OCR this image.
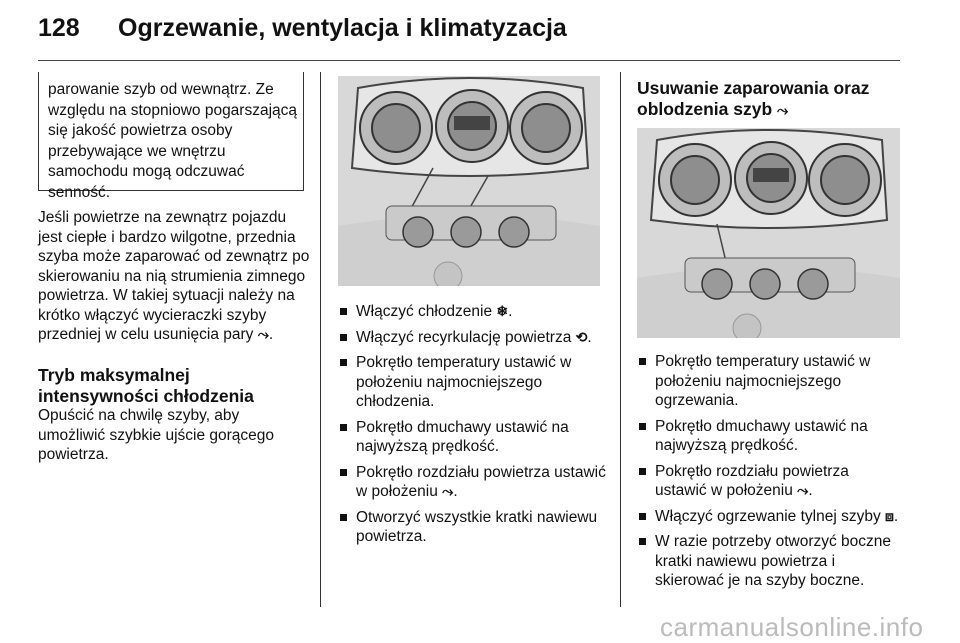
128 Ogrzewanie, wentylacja i klimatyzacja
parowanie szyb od wewnątrz. Ze względu na stopniowo pogarszającą się jakość powietrza osoby przebywające we wnętrzu samochodu mogą odczuwać senność.
Jeśli powietrze na zewnątrz pojazdu jest ciepłe i bardzo wilgotne, przednia szyba może zaparować od zewnątrz po skierowaniu na nią strumienia zimnego powietrza. W takiej sytuacji należy na krótko włączyć wycieraczki szyby przedniej w celu usunięcia pary ⤳.
Tryb maksymalnej intensywności chłodzenia
Opuścić na chwilę szyby, aby umożliwić szybkie ujście gorącego powietrza.
Włączyć chłodzenie ❄.
Włączyć recyrkulację powietrza ⟲.
Pokrętło temperatury ustawić w położeniu najmocniejszego chłodzenia.
Pokrętło dmuchawy ustawić na najwyższą prędkość.
Pokrętło rozdziału powietrza ustawić w położeniu ⤳.
Otworzyć wszystkie kratki nawiewu powietrza.
Usuwanie zaparowania oraz oblodzenia szyb ⤳
Pokrętło temperatury ustawić w położeniu najmocniejszego ogrzewania.
Pokrętło dmuchawy ustawić na najwyższą prędkość.
Pokrętło rozdziału powietrza ustawić w położeniu ⤳.
Włączyć ogrzewanie tylnej szyby ⧈.
W razie potrzeby otworzyć boczne kratki nawiewu powietrza i skierować je na szyby boczne.
carmanualsonline.info
